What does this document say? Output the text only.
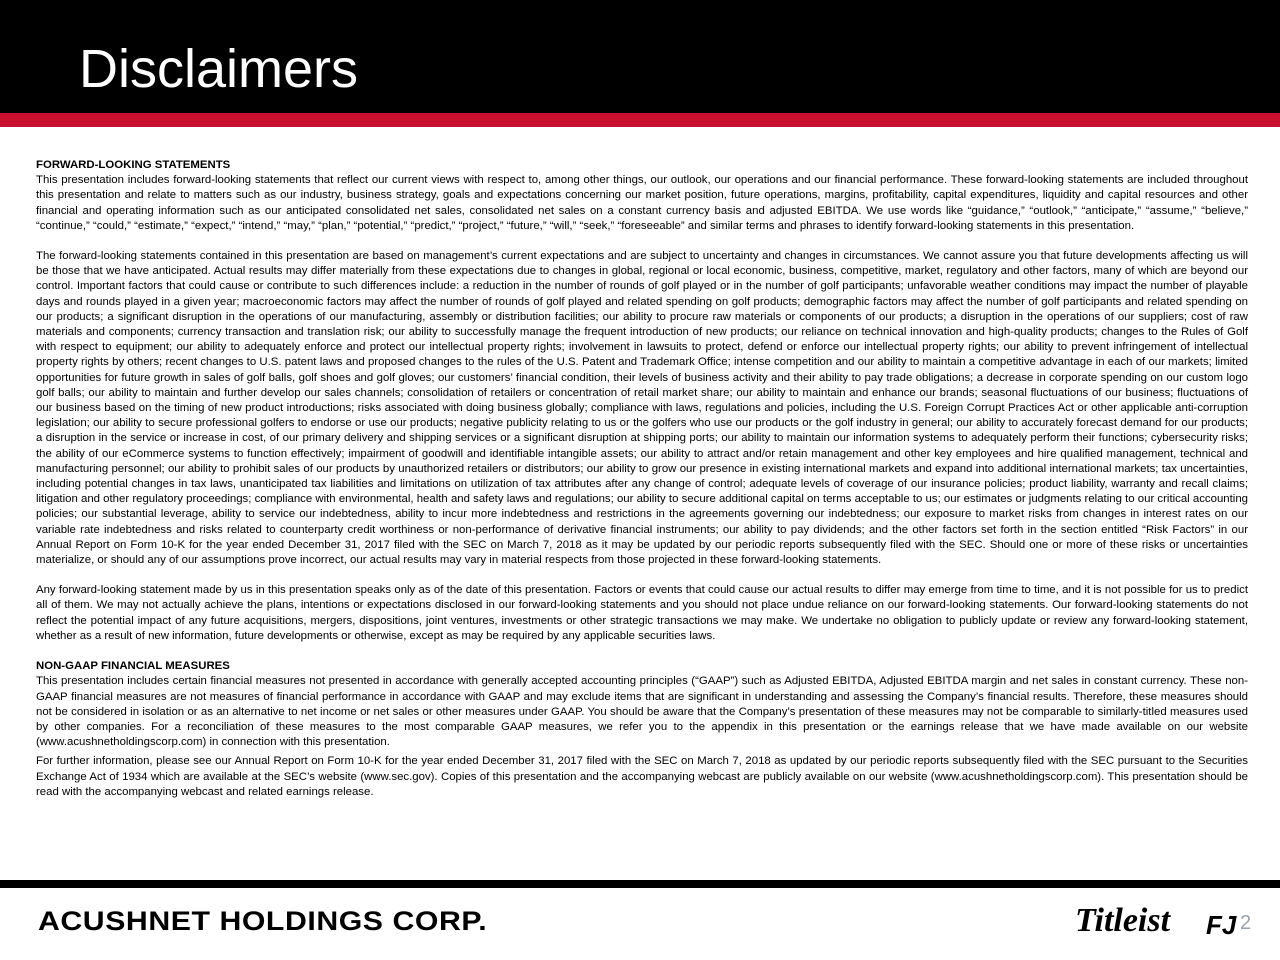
Disclaimers
FORWARD-LOOKING STATEMENTS

This presentation includes forward-looking statements that reflect our current views with respect to, among other things, our outlook, our operations and our financial performance. These forward-looking statements are included throughout this presentation and relate to matters such as our industry, business strategy, goals and expectations concerning our market position, future operations, margins, profitability, capital expenditures, liquidity and capital resources and other financial and operating information such as our anticipated consolidated net sales, consolidated net sales on a constant currency basis and adjusted EBITDA. We use words like “guidance,” “outlook,” “anticipate,” “assume,” “believe,” “continue,” “could,” “estimate,” “expect,” “intend,” “may,” “plan,” “potential,” “predict,” “project,” “future,” “will,” “seek,” “foreseeable” and similar terms and phrases to identify forward-looking statements in this presentation.

The forward-looking statements contained in this presentation are based on management’s current expectations and are subject to uncertainty and changes in circumstances. We cannot assure you that future developments affecting us will be those that we have anticipated. Actual results may differ materially from these expectations due to changes in global, regional or local economic, business, competitive, market, regulatory and other factors, many of which are beyond our control. Important factors that could cause or contribute to such differences include: a reduction in the number of rounds of golf played or in the number of golf participants; unfavorable weather conditions may impact the number of playable days and rounds played in a given year; macroeconomic factors may affect the number of rounds of golf played and related spending on golf products; demographic factors may affect the number of golf participants and related spending on our products; a significant disruption in the operations of our manufacturing, assembly or distribution facilities; our ability to procure raw materials or components of our products; a disruption in the operations of our suppliers; cost of raw materials and components; currency transaction and translation risk; our ability to successfully manage the frequent introduction of new products; our reliance on technical innovation and high-quality products; changes to the Rules of Golf with respect to equipment; our ability to adequately enforce and protect our intellectual property rights; involvement in lawsuits to protect, defend or enforce our intellectual property rights; our ability to prevent infringement of intellectual property rights by others; recent changes to U.S. patent laws and proposed changes to the rules of the U.S. Patent and Trademark Office; intense competition and our ability to maintain a competitive advantage in each of our markets; limited opportunities for future growth in sales of golf balls, golf shoes and golf gloves; our customers’ financial condition, their levels of business activity and their ability to pay trade obligations; a decrease in corporate spending on our custom logo golf balls; our ability to maintain and further develop our sales channels; consolidation of retailers or concentration of retail market share; our ability to maintain and enhance our brands; seasonal fluctuations of our business; fluctuations of our business based on the timing of new product introductions; risks associated with doing business globally; compliance with laws, regulations and policies, including the U.S. Foreign Corrupt Practices Act or other applicable anti-corruption legislation; our ability to secure professional golfers to endorse or use our products; negative publicity relating to us or the golfers who use our products or the golf industry in general; our ability to accurately forecast demand for our products; a disruption in the service or increase in cost, of our primary delivery and shipping services or a significant disruption at shipping ports; our ability to maintain our information systems to adequately perform their functions; cybersecurity risks; the ability of our eCommerce systems to function effectively; impairment of goodwill and identifiable intangible assets; our ability to attract and/or retain management and other key employees and hire qualified management, technical and manufacturing personnel; our ability to prohibit sales of our products by unauthorized retailers or distributors; our ability to grow our presence in existing international markets and expand into additional international markets; tax uncertainties, including potential changes in tax laws, unanticipated tax liabilities and limitations on utilization of tax attributes after any change of control; adequate levels of coverage of our insurance policies; product liability, warranty and recall claims; litigation and other regulatory proceedings; compliance with environmental, health and safety laws and regulations; our ability to secure additional capital on terms acceptable to us; our estimates or judgments relating to our critical accounting policies; our substantial leverage, ability to service our indebtedness, ability to incur more indebtedness and restrictions in the agreements governing our indebtedness; our exposure to market risks from changes in interest rates on our variable rate indebtedness and risks related to counterparty credit worthiness or non-performance of derivative financial instruments; our ability to pay dividends; and the other factors set forth in the section entitled “Risk Factors” in our Annual Report on Form 10-K for the year ended December 31, 2017 filed with the SEC on March 7, 2018 as it may be updated by our periodic reports subsequently filed with the SEC. Should one or more of these risks or uncertainties materialize, or should any of our assumptions prove incorrect, our actual results may vary in material respects from those projected in these forward-looking statements.

Any forward-looking statement made by us in this presentation speaks only as of the date of this presentation. Factors or events that could cause our actual results to differ may emerge from time to time, and it is not possible for us to predict all of them. We may not actually achieve the plans, intentions or expectations disclosed in our forward-looking statements and you should not place undue reliance on our forward-looking statements. Our forward-looking statements do not reflect the potential impact of any future acquisitions, mergers, dispositions, joint ventures, investments or other strategic transactions we may make. We undertake no obligation to publicly update or review any forward-looking statement, whether as a result of new information, future developments or otherwise, except as may be required by any applicable securities laws.

NON-GAAP FINANCIAL MEASURES

This presentation includes certain financial measures not presented in accordance with generally accepted accounting principles (“GAAP”) such as Adjusted EBITDA, Adjusted EBITDA margin and net sales in constant currency. These non-GAAP financial measures are not measures of financial performance in accordance with GAAP and may exclude items that are significant in understanding and assessing the Company’s financial results. Therefore, these measures should not be considered in isolation or as an alternative to net income or net sales or other measures under GAAP. You should be aware that the Company’s presentation of these measures may not be comparable to similarly-titled measures used by other companies. For a reconciliation of these measures to the most comparable GAAP measures, we refer you to the appendix in this presentation or the earnings release that we have made available on our website (www.acushnetholdingscorp.com) in connection with this presentation.

For further information, please see our Annual Report on Form 10-K for the year ended December 31, 2017 filed with the SEC on March 7, 2018 as updated by our periodic reports subsequently filed with the SEC pursuant to the Securities Exchange Act of 1934 which are available at the SEC’s website (www.sec.gov). Copies of this presentation and the accompanying webcast are publicly available on our website (www.acushnetholdingscorp.com). This presentation should be read with the accompanying webcast and related earnings release.

ACUSHNET HOLDINGS CORP.	Titleist FJ 2
